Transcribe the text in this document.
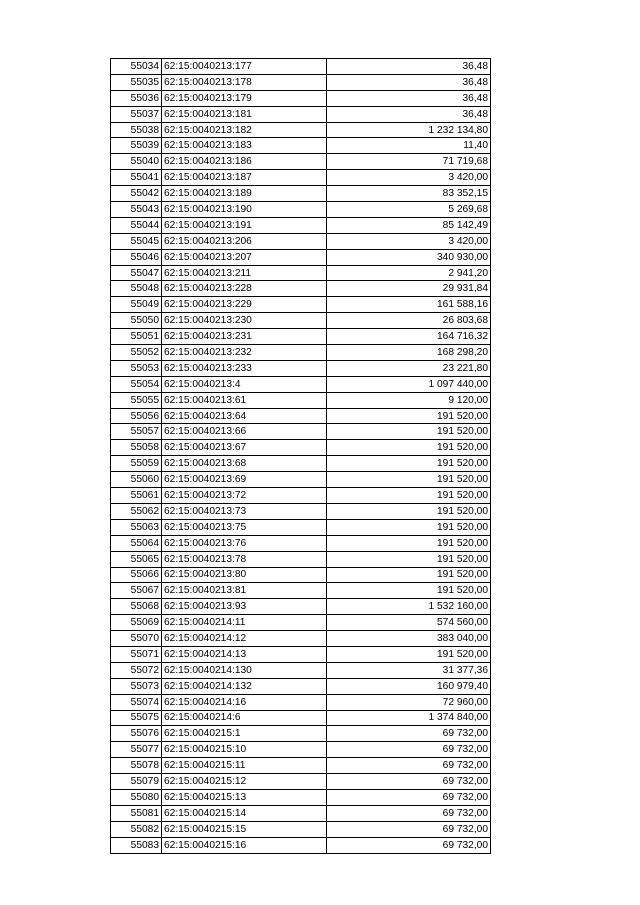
55034	62:15:0040213:177	36,48
55035	62:15:0040213:178	36,48
55036	62:15:0040213:179	36,48
55037	62:15:0040213:181	36,48
55038	62:15:0040213:182	1 232 134,80
55039	62:15:0040213:183	11,40
55040	62:15:0040213:186	71 719,68
55041	62:15:0040213:187	3 420,00
55042	62:15:0040213:189	83 352,15
55043	62:15:0040213:190	5 269,68
55044	62:15:0040213:191	85 142,49
55045	62:15:0040213:206	3 420,00
55046	62:15:0040213:207	340 930,00
55047	62:15:0040213:211	2 941,20
55048	62:15:0040213:228	29 931,84
55049	62:15:0040213:229	161 588,16
55050	62:15:0040213:230	26 803,68
55051	62:15:0040213:231	164 716,32
55052	62:15:0040213:232	168 298,20
55053	62:15:0040213:233	23 221,80
55054	62:15:0040213:4	1 097 440,00
55055	62:15:0040213:61	9 120,00
55056	62:15:0040213:64	191 520,00
55057	62:15:0040213:66	191 520,00
55058	62:15:0040213:67	191 520,00
55059	62:15:0040213:68	191 520,00
55060	62:15:0040213:69	191 520,00
55061	62:15:0040213:72	191 520,00
55062	62:15:0040213:73	191 520,00
55063	62:15:0040213:75	191 520,00
55064	62:15:0040213:76	191 520,00
55065	62:15:0040213:78	191 520,00
55066	62:15:0040213:80	191 520,00
55067	62:15:0040213:81	191 520,00
55068	62:15:0040213:93	1 532 160,00
55069	62:15:0040214:11	574 560,00
55070	62:15:0040214:12	383 040,00
55071	62:15:0040214:13	191 520,00
55072	62:15:0040214:130	31 377,36
55073	62:15:0040214:132	160 979,40
55074	62:15:0040214:16	72 960,00
55075	62:15:0040214:6	1 374 840,00
55076	62:15:0040215:1	69 732,00
55077	62:15:0040215:10	69 732,00
55078	62:15:0040215:11	69 732,00
55079	62:15:0040215:12	69 732,00
55080	62:15:0040215:13	69 732,00
55081	62:15:0040215:14	69 732,00
55082	62:15:0040215:15	69 732,00
55083	62:15:0040215:16	69 732,00
